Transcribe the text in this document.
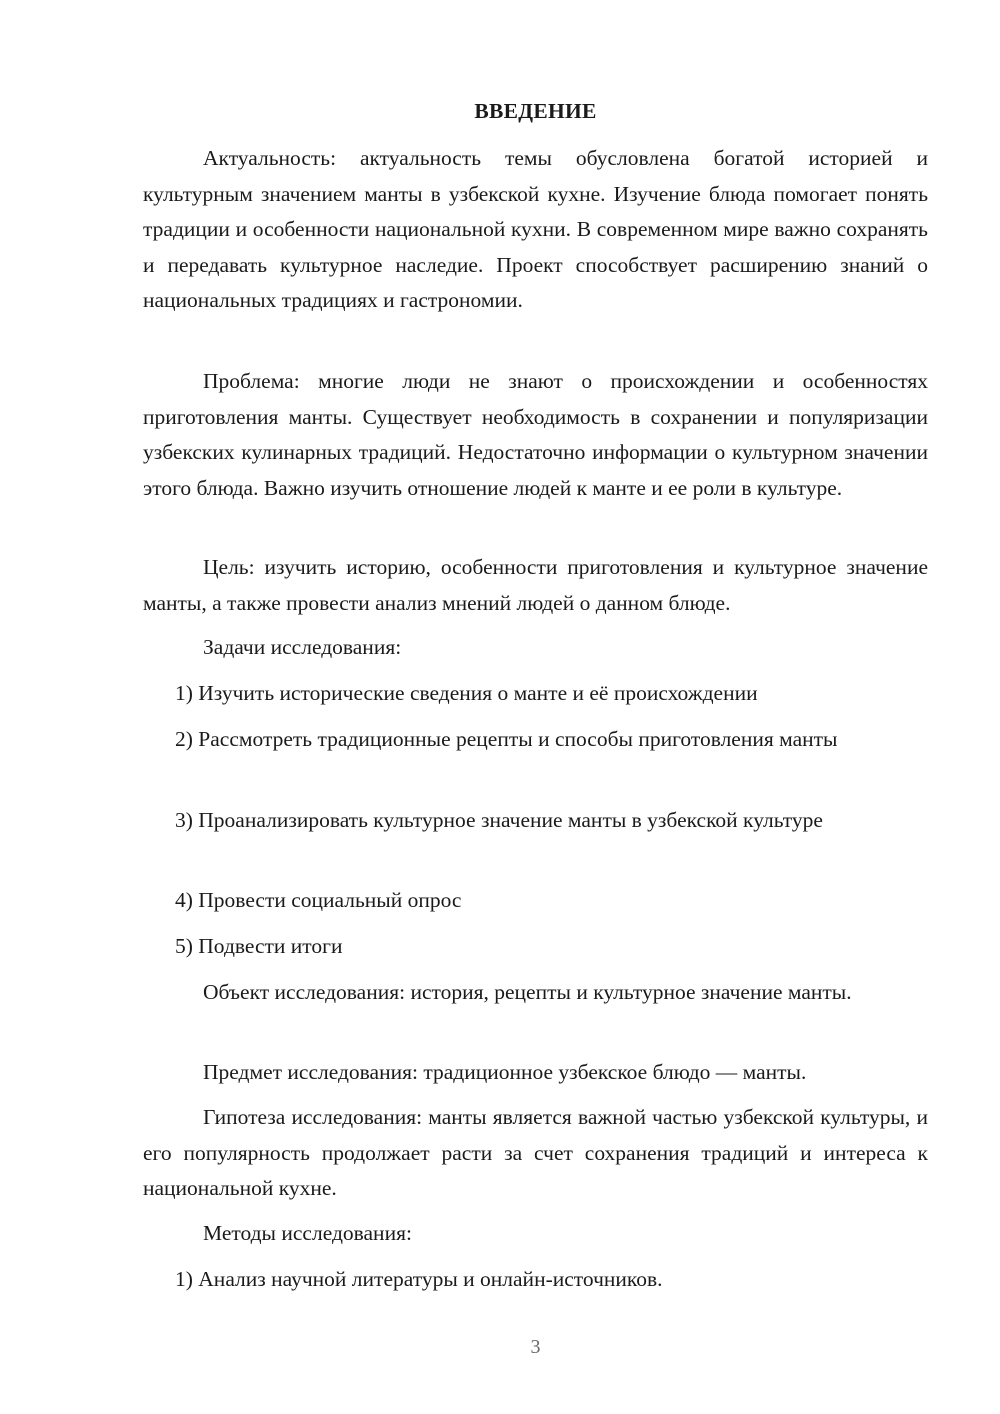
ВВЕДЕНИЕ

Актуальность: актуальность темы обусловлена богатой историей и культурным значением манты в узбекской кухне. Изучение блюда помогает понять традиции и особенности национальной кухни. В современном мире важно сохранять и передавать культурное наследие. Проект способствует расширению знаний о национальных традициях и гастрономии.

Проблема: многие люди не знают о происхождении и особенностях приготовления манты. Существует необходимость в сохранении и популяризации узбекских кулинарных традиций. Недостаточно информации о культурном значении этого блюда. Важно изучить отношение людей к манте и ее роли в культуре.

Цель: изучить историю, особенности приготовления и культурное значение манты, а также провести анализ мнений людей о данном блюде.

Задачи исследования:

1) Изучить исторические сведения о манте и её происхождении

2) Рассмотреть традиционные рецепты и способы приготовления манты

3) Проанализировать культурное значение манты в узбекской культуре

4) Провести социальный опрос

5) Подвести итоги

Объект исследования: история, рецепты и культурное значение манты.

Предмет исследования: традиционное узбекское блюдо — манты.

Гипотеза исследования: манты является важной частью узбекской культуры, и его популярность продолжает расти за счет сохранения традиций и интереса к национальной кухне.

Методы исследования:

1) Анализ научной литературы и онлайн-источников.

3
